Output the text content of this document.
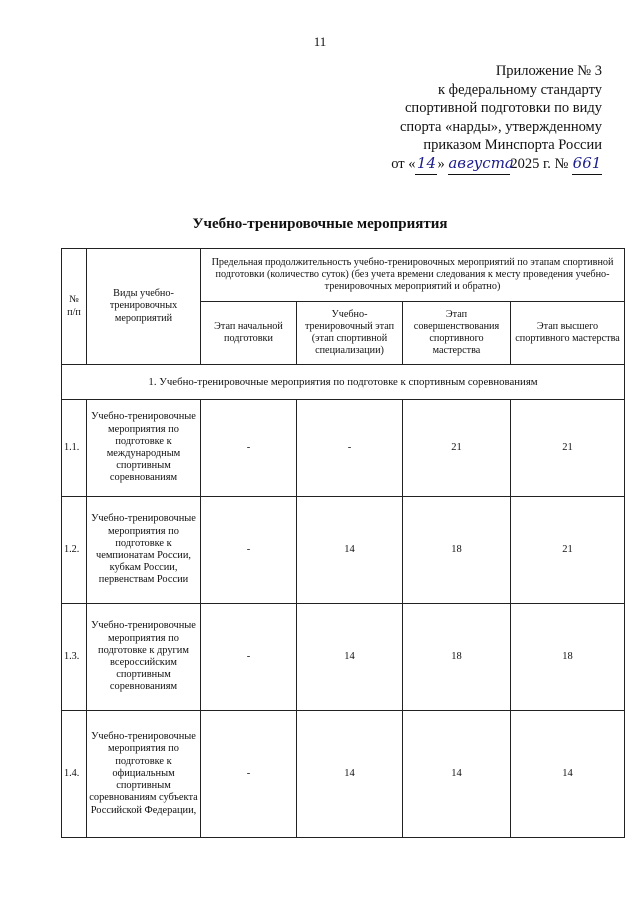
11
Приложение № 3
к федеральному стандарту
спортивной подготовки по виду
спорта «нарды», утвержденному
приказом Минспорта России
от «14» августа2025 г. № 661
Учебно-тренировочные мероприятия
№ п/п	Виды учебно-тренировочных мероприятий	Предельная продолжительность учебно-тренировочных мероприятий по этапам спортивной подготовки (количество суток) (без учета времени следования к месту проведения учебно-тренировочных мероприятий и обратно)			
		Этап начальной подготовки	Учебно-тренировочный этап (этап спортивной специализации)	Этап совершенствования спортивного мастерства	Этап высшего спортивного мастерства
1. Учебно-тренировочные мероприятия по подготовке к спортивным соревнованиям					
1.1.	Учебно-тренировочные мероприятия по подготовке к международным спортивным соревнованиям	-	-	21	21
1.2.	Учебно-тренировочные мероприятия по подготовке к чемпионатам России, кубкам России, первенствам России	-	14	18	21
1.3.	Учебно-тренировочные мероприятия по подготовке к другим всероссийским спортивным соревнованиям	-	14	18	18
1.4.	Учебно-тренировочные мероприятия по подготовке к официальным спортивным соревнованиям субъекта Российской Федерации,	-	14	14	14
